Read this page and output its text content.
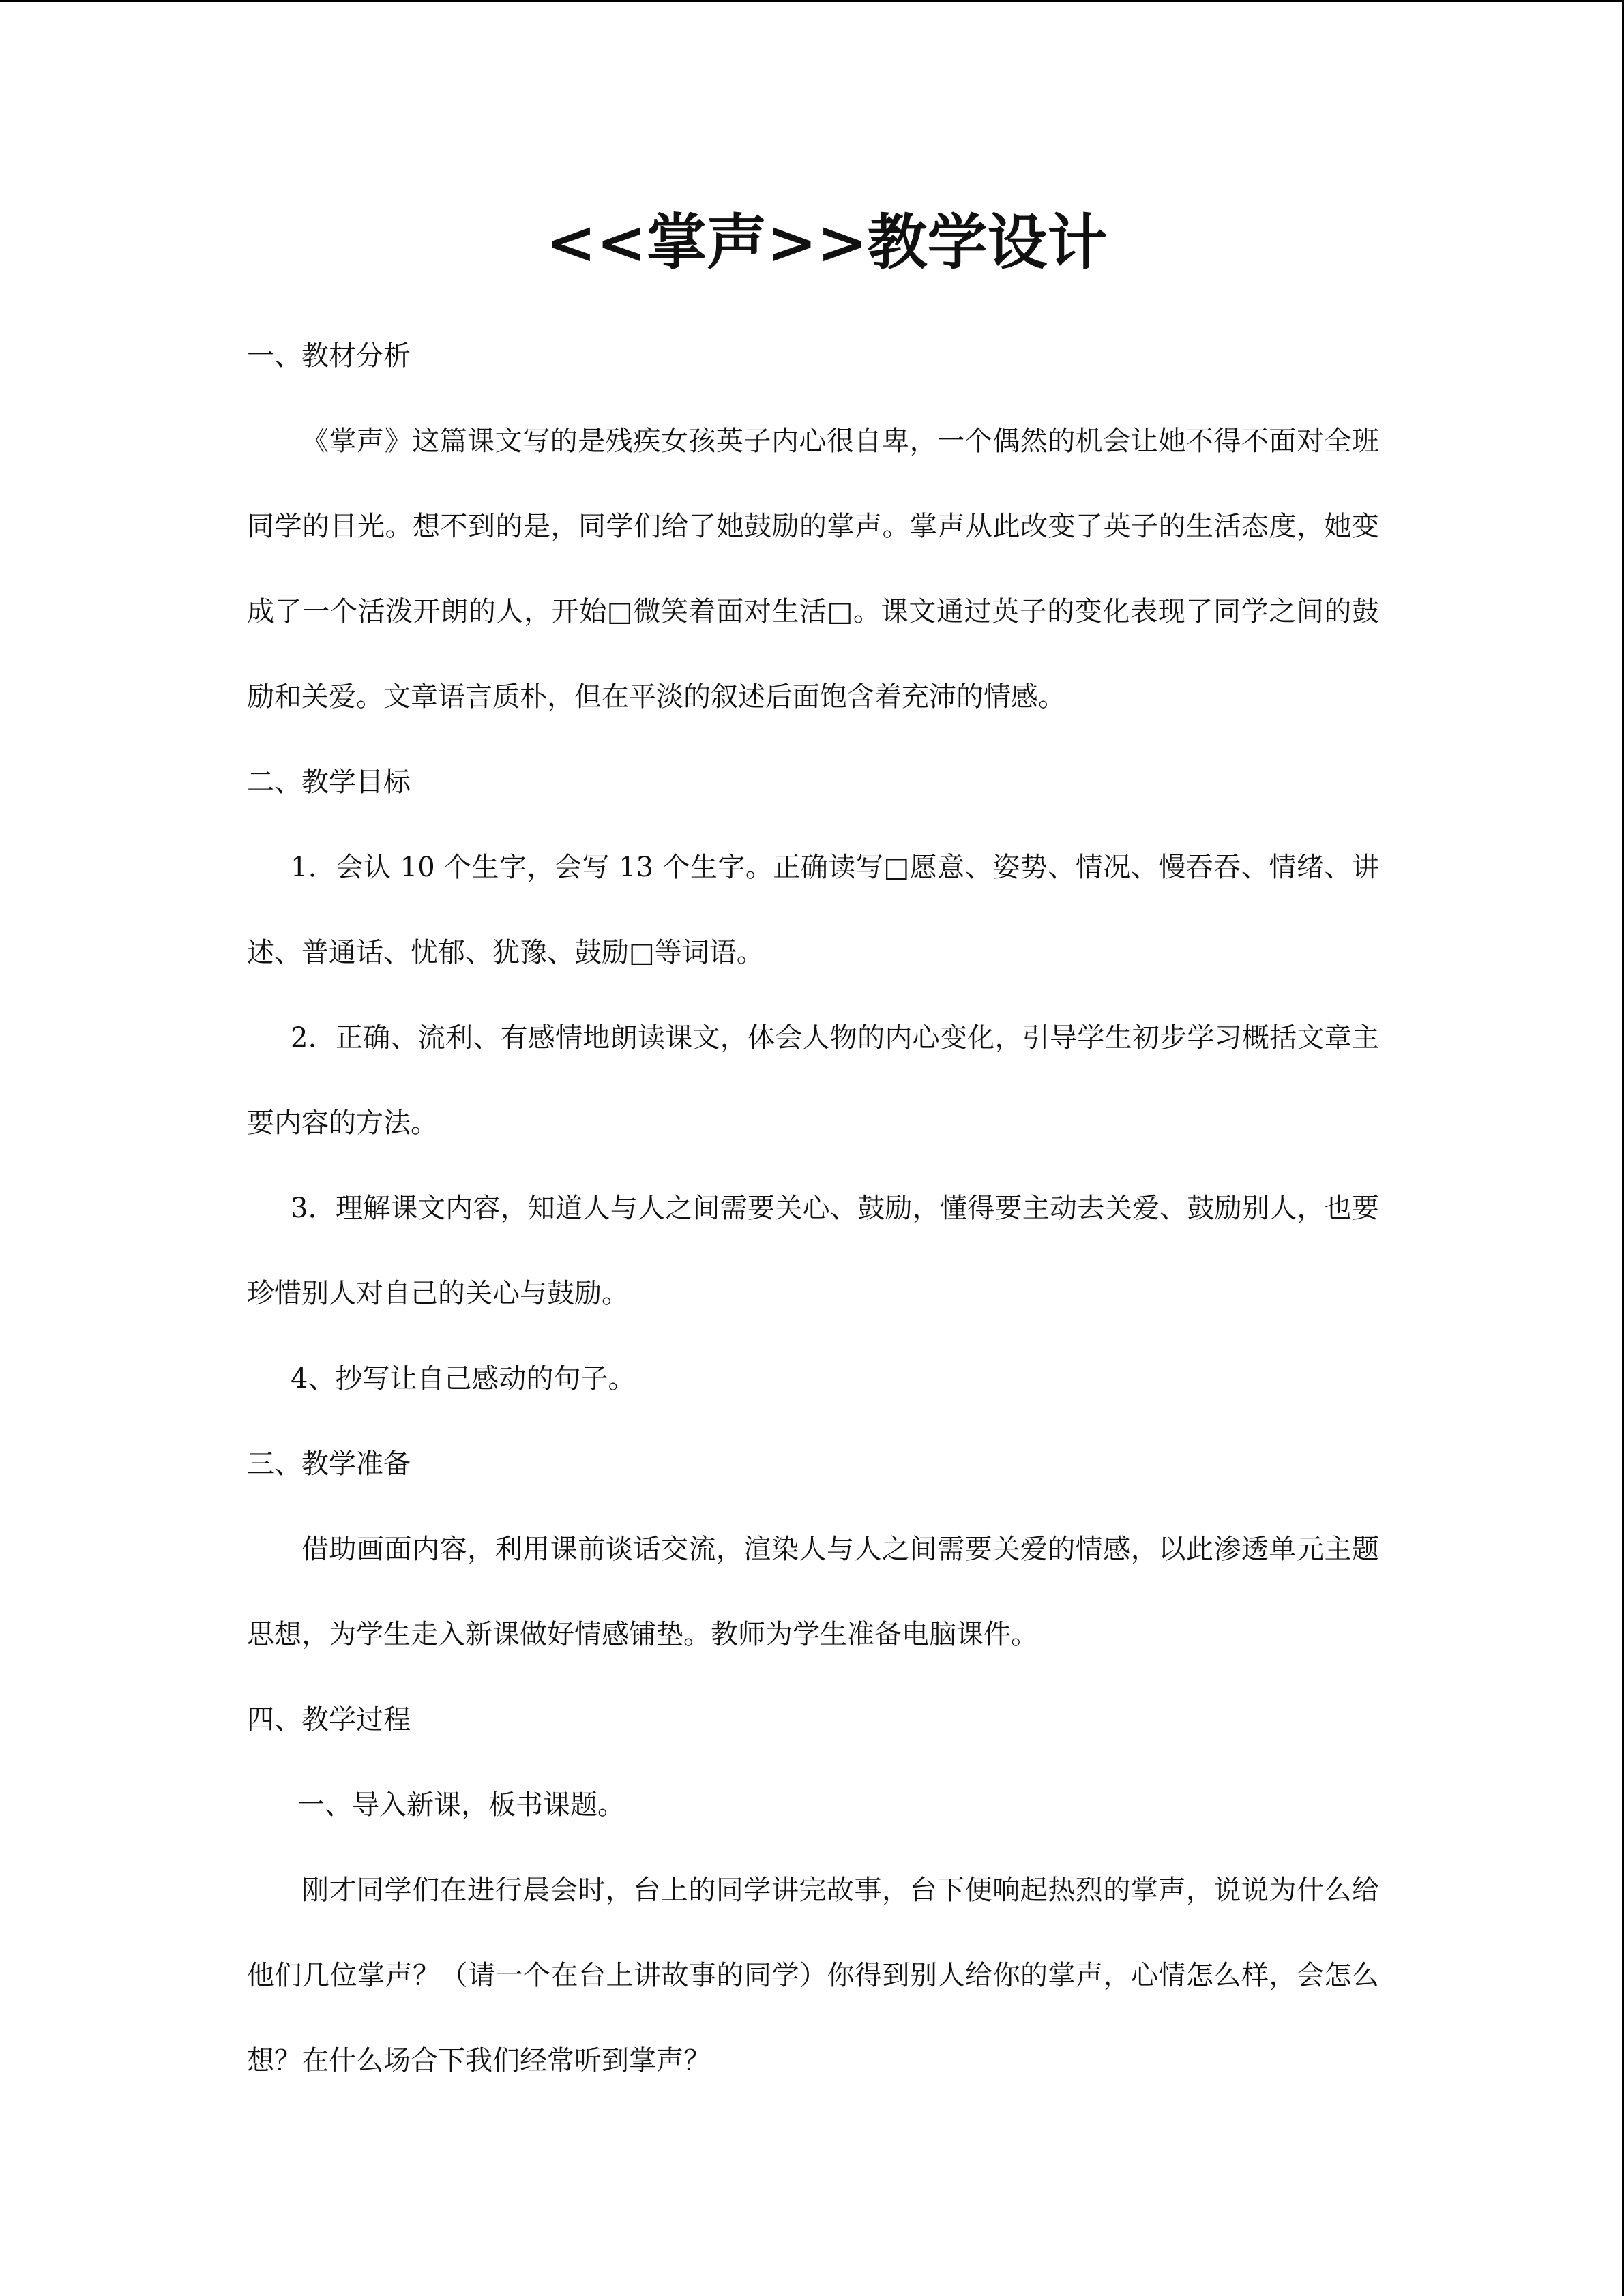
<<掌声>>教学设计
一、教材分析

《掌声》这篇课文写的是残疾女孩英子内心很自卑，一个偶然的机会让她不得不面对全班同学的目光。想不到的是，同学们给了她鼓励的掌声。掌声从此改变了英子的生活态度，她变成了一个活泼开朗的人，开始□微笑着面对生活□。课文通过英子的变化表现了同学之间的鼓励和关爱。文章语言质朴，但在平淡的叙述后面饱含着充沛的情感。

二、教学目标

1．会认 10 个生字，会写 13 个生字。正确读写□愿意、姿势、情况、慢吞吞、情绪、讲述、普通话、忧郁、犹豫、鼓励□等词语。

2．正确、流利、有感情地朗读课文，体会人物的内心变化，引导学生初步学习概括文章主要内容的方法。

3．理解课文内容，知道人与人之间需要关心、鼓励，懂得要主动去关爱、鼓励别人，也要珍惜别人对自己的关心与鼓励。

4、抄写让自己感动的句子。

三、教学准备

借助画面内容，利用课前谈话交流，渲染人与人之间需要关爱的情感，以此渗透单元主题思想，为学生走入新课做好情感铺垫。教师为学生准备电脑课件。

四、教学过程

一、导入新课，板书课题。

刚才同学们在进行晨会时，台上的同学讲完故事，台下便响起热烈的掌声，说说为什么给他们几位掌声？（请一个在台上讲故事的同学）你得到别人给你的掌声，心情怎么样，会怎么想？在什么场合下我们经常听到掌声？
